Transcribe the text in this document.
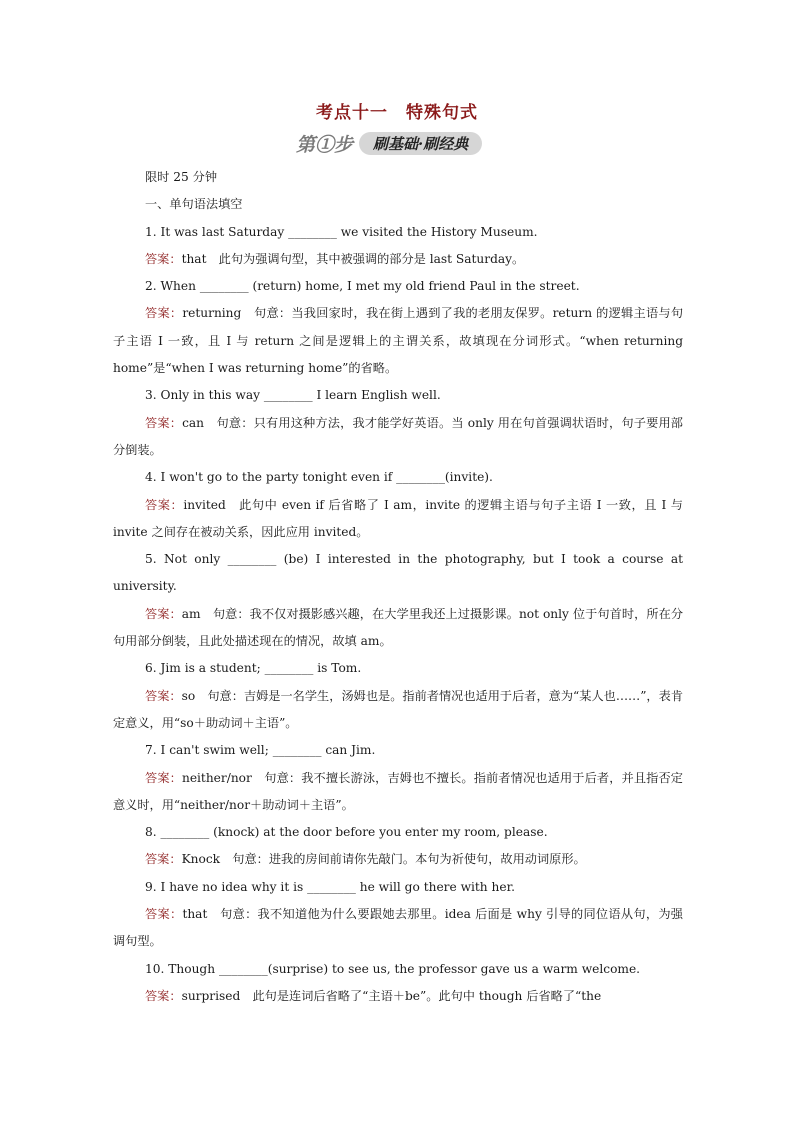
考点十一　特殊句式
第①步	刷基础·刷经典
限时 25 分钟
一、单句语法填空
1. It was last Saturday ________ we visited the History Museum.
答案：that　此句为强调句型，其中被强调的部分是 last Saturday。
2. When ________ (return) home, I met my old friend Paul in the street.
答案：returning　句意：当我回家时，我在街上遇到了我的老朋友保罗。return 的逻辑主语与句子主语 I 一致，且 I 与 return 之间是逻辑上的主谓关系，故填现在分词形式。“when returning home”是“when I was returning home”的省略。
3. Only in this way ________ I learn English well.
答案：can　句意：只有用这种方法，我才能学好英语。当 only 用在句首强调状语时，句子要用部分倒装。
4. I won't go to the party tonight even if ________(invite).
答案：invited　此句中 even if 后省略了 I am，invite 的逻辑主语与句子主语 I 一致，且 I 与 invite 之间存在被动关系，因此应用 invited。
5. Not only ________ (be) I interested in the photography, but I took a course at university.
答案：am　句意：我不仅对摄影感兴趣，在大学里我还上过摄影课。not only 位于句首时，所在分句用部分倒装，且此处描述现在的情况，故填 am。
6. Jim is a student; ________ is Tom.
答案：so　句意：吉姆是一名学生，汤姆也是。指前者情况也适用于后者，意为“某人也……”，表肯定意义，用“so＋助动词＋主语”。
7. I can't swim well; ________ can Jim.
答案：neither/nor　句意：我不擅长游泳，吉姆也不擅长。指前者情况也适用于后者，并且指否定意义时，用“neither/nor＋助动词＋主语”。
8. ________ (knock) at the door before you enter my room, please.
答案：Knock　句意：进我的房间前请你先敲门。本句为祈使句，故用动词原形。
9. I have no idea why it is ________ he will go there with her.
答案：that　句意：我不知道他为什么要跟她去那里。idea 后面是 why 引导的同位语从句，为强调句型。
10. Though ________(surprise) to see us, the professor gave us a warm welcome.
答案：surprised　此句是连词后省略了“主语＋be”。此句中 though 后省略了“the
